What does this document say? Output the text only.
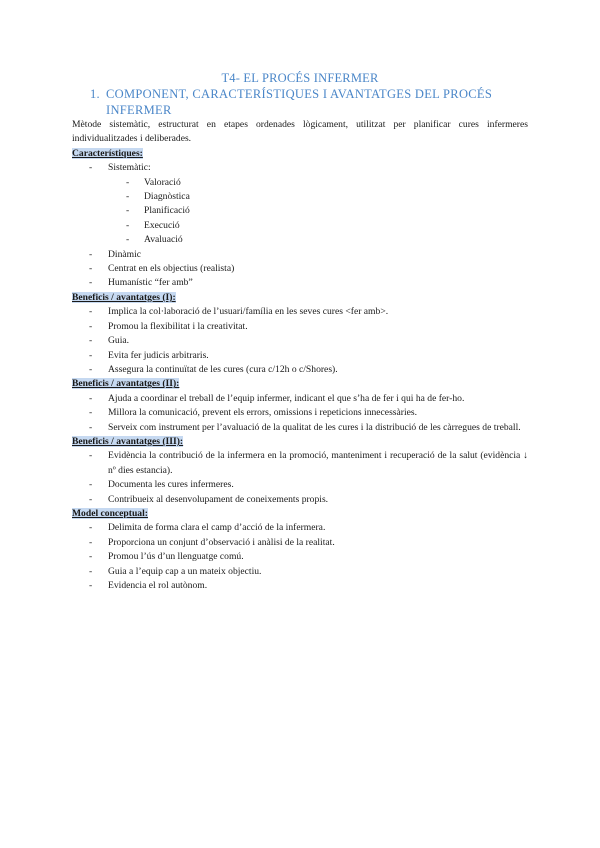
T4- EL PROCÉS INFERMER
1. COMPONENT, CARACTERÍSTIQUES I AVANTATGES DEL PROCÉS
INFERMER

Mètode sistemàtic, estructurat en etapes ordenades lògicament, utilitzat per planificar cures infermeres individualitzades i deliberades.

Característiques:

- Sistemàtic:
- Valoració
- Diagnòstica
- Planificació
- Execució
- Avaluació
- Dinàmic
- Centrat en els objectius (realista)
- Humanístic “fer amb”

Beneficis / avantatges (I):

- Implica la col·laboració de l’usuari/família en les seves cures <fer amb>.
- Promou la flexibilitat i la creativitat.
- Guia.
- Evita fer judicis arbitraris.
- Assegura la continuïtat de les cures (cura c/12h o c/Shores).

Beneficis / avantatges (II):

- Ajuda a coordinar el treball de l’equip infermer, indicant el que s’ha de fer i qui ha de fer-ho.
- Millora la comunicació, prevent els errors, omissions i repeticions innecessàries.
- Serveix com instrument per l’avaluació de la qualitat de les cures i la distribució de les càrregues de treball.

Beneficis / avantatges (III):

- Evidència la contribució de la infermera en la promoció, manteniment i recuperació de la salut (evidència ↓ nº dies estancia).
- Documenta les cures infermeres.
- Contribueix al desenvolupament de coneixements propis.

Model conceptual:

- Delimita de forma clara el camp d’acció de la infermera.
- Proporciona un conjunt d’observació i anàlisi de la realitat.
- Promou l’ús d’un llenguatge comú.
- Guia a l’equip cap a un mateix objectiu.
- Evidencia el rol autònom.
